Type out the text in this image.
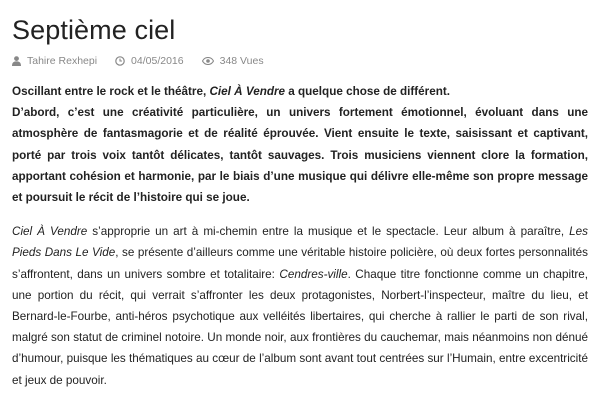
Septième ciel
Tahire Rexhepi	04/05/2016	348 Vues

Oscillant entre le rock et le théâtre, Ciel À Vendre a quelque chose de différent.

D’abord, c’est une créativité particulière, un univers fortement émotionnel, évoluant dans une atmosphère de fantasmagorie et de réalité éprouvée. Vient ensuite le texte, saisissant et captivant, porté par trois voix tantôt délicates, tantôt sauvages. Trois musiciens viennent clore la formation, apportant cohésion et harmonie, par le biais d’une musique qui délivre elle-même son propre message et poursuit le récit de l’histoire qui se joue.

Ciel À Vendre s’approprie un art à mi-chemin entre la musique et le spectacle. Leur album à paraître, Les Pieds Dans Le Vide, se présente d’ailleurs comme une véritable histoire policière, où deux fortes personnalités s’affrontent, dans un univers sombre et totalitaire: Cendres-ville. Chaque titre fonctionne comme un chapitre, une portion du récit, qui verrait s’affronter les deux protagonistes, Norbert-l’inspecteur, maître du lieu, et Bernard-le-Fourbe, anti-héros psychotique aux velléités libertaires, qui cherche à rallier le parti de son rival, malgré son statut de criminel notoire. Un monde noir, aux frontières du cauchemar, mais néanmoins non dénué d’humour, puisque les thématiques au cœur de l’album sont avant tout centrées sur l’Humain, entre excentricité et jeux de pouvoir.
